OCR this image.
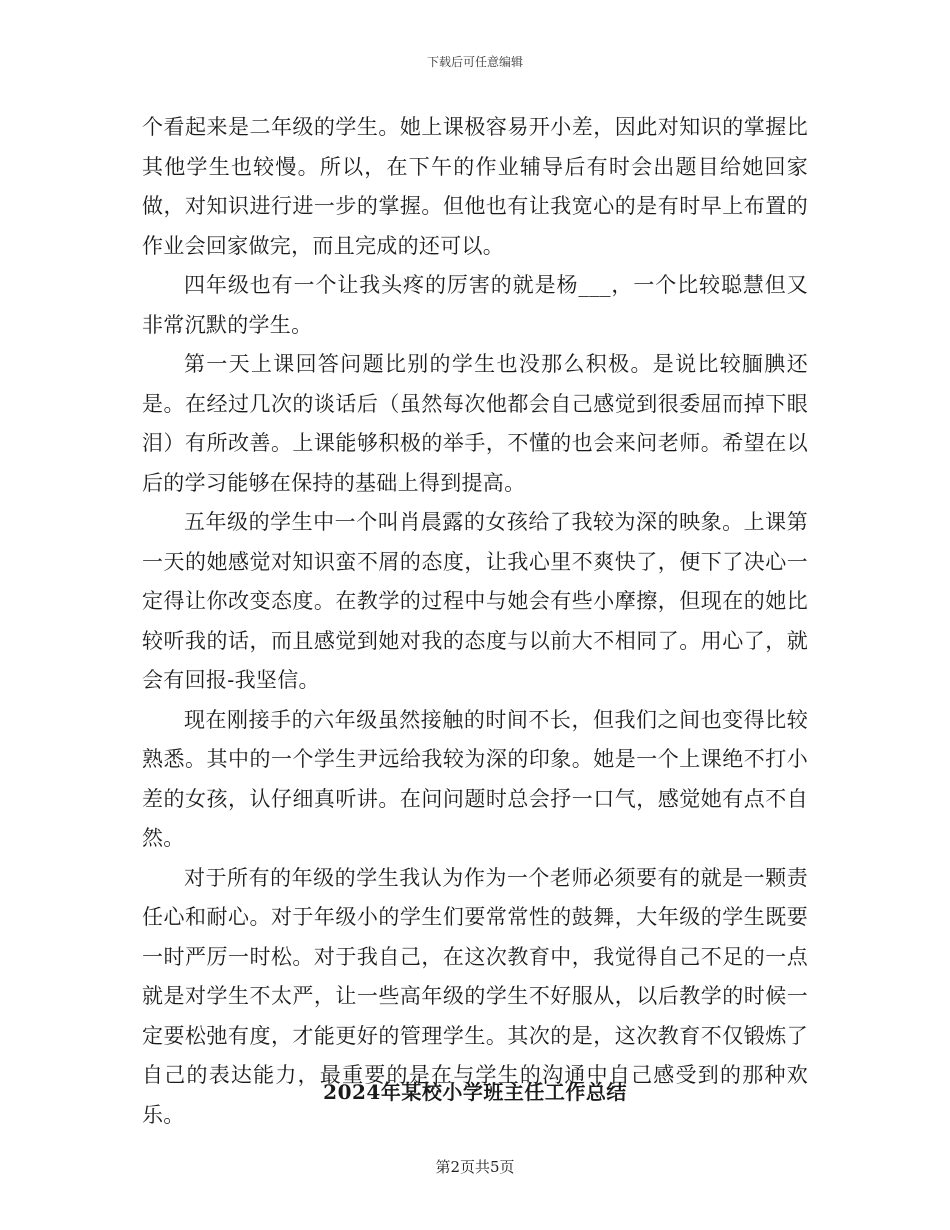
下载后可任意编辑

个看起来是二年级的学生。她上课极容易开小差，因此对知识的掌握比其他学生也较慢。所以，在下午的作业辅导后有时会出题目给她回家做，对知识进行进一步的掌握。但他也有让我宽心的是有时早上布置的作业会回家做完，而且完成的还可以。

四年级也有一个让我头疼的厉害的就是杨___，一个比较聪慧但又非常沉默的学生。

第一天上课回答问题比别的学生也没那么积极。是说比较腼腆还是。在经过几次的谈话后（虽然每次他都会自己感觉到很委屈而掉下眼泪）有所改善。上课能够积极的举手，不懂的也会来问老师。希望在以后的学习能够在保持的基础上得到提高。

五年级的学生中一个叫肖晨露的女孩给了我较为深的映象。上课第一天的她感觉对知识蛮不屑的态度，让我心里不爽快了，便下了决心一定得让你改变态度。在教学的过程中与她会有些小摩擦，但现在的她比较听我的话，而且感觉到她对我的态度与以前大不相同了。用心了，就会有回报-我坚信。

现在刚接手的六年级虽然接触的时间不长，但我们之间也变得比较熟悉。其中的一个学生尹远给我较为深的印象。她是一个上课绝不打小差的女孩，认仔细真听讲。在问问题时总会抒一口气，感觉她有点不自然。

对于所有的年级的学生我认为作为一个老师必须要有的就是一颗责任心和耐心。对于年级小的学生们要常常性的鼓舞，大年级的学生既要一时严厉一时松。对于我自己，在这次教育中，我觉得自己不足的一点就是对学生不太严，让一些高年级的学生不好服从，以后教学的时候一定要松弛有度，才能更好的管理学生。其次的是，这次教育不仅锻炼了自己的表达能力，最重要的是在与学生的沟通中自己感受到的那种欢乐。

2024年某校小学班主任工作总结
第2页共5页
